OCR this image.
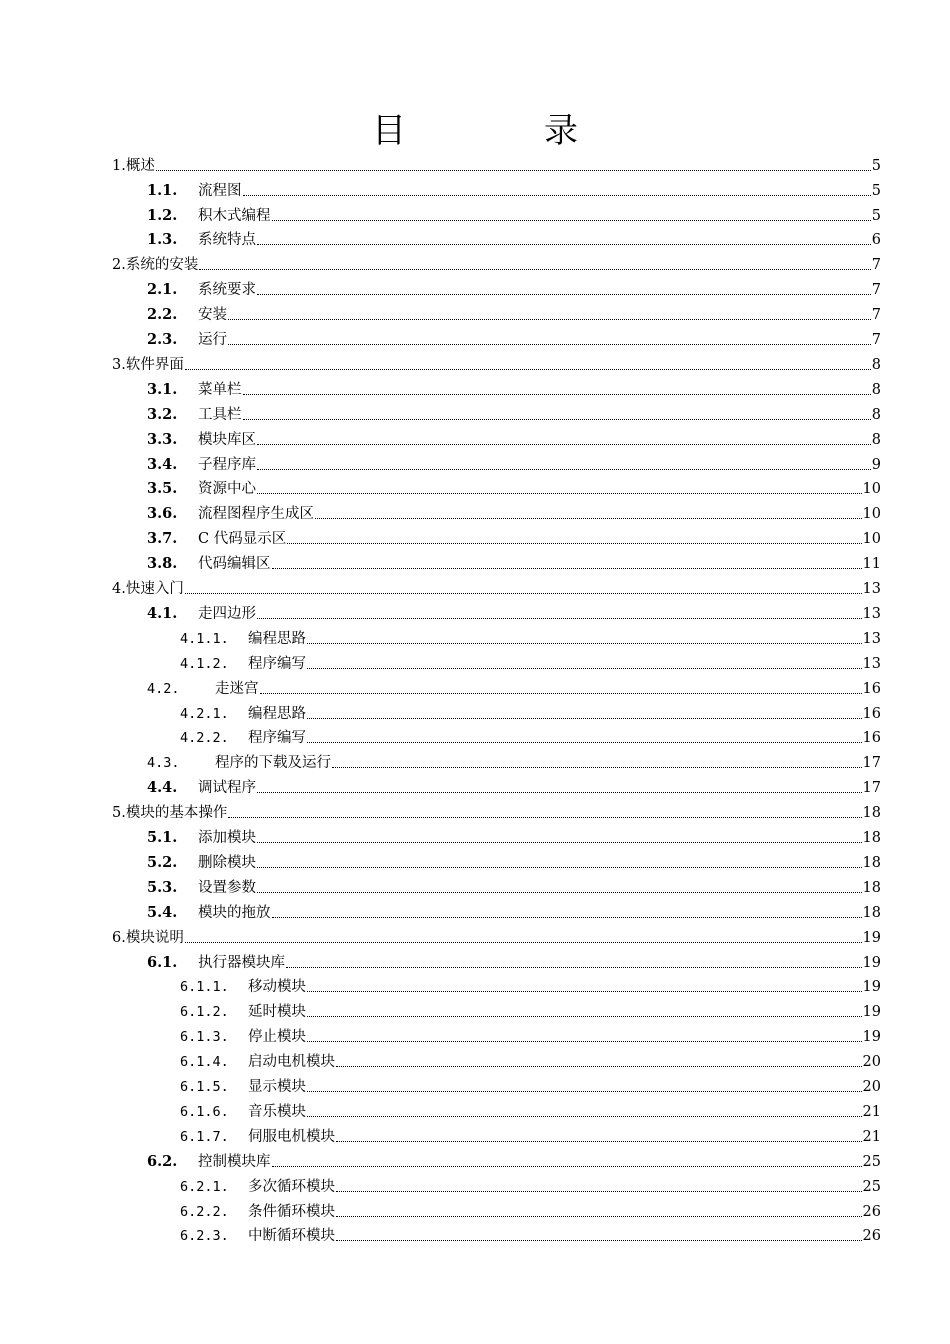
目　录
1. 概述	5
1.1.	流程图	5
1.2.	积木式编程	5
1.3.	系统特点	6
2. 系统的安装	7
2.1.	系统要求	7
2.2.	安装	7
2.3.	运行	7
3. 软件界面	8
3.1.	菜单栏	8
3.2.	工具栏	8
3.3.	模块库区	8
3.4.	子程序库	9
3.5.	资源中心	10
3.6.	流程图程序生成区	10
3.7.	C 代码显示区	10
3.8.	代码编辑区	11
4. 快速入门	13
4.1.	走四边形	13
4.1.1.	编程思路	13
4.1.2.	程序编写	13
4.2.	走迷宫	16
4.2.1.	编程思路	16
4.2.2.	程序编写	16
4.3.	程序的下载及运行	17
4.4.	调试程序	17
5. 模块的基本操作	18
5.1.	添加模块	18
5.2.	删除模块	18
5.3.	设置参数	18
5.4.	模块的拖放	18
6. 模块说明	19
6.1.	执行器模块库	19
6.1.1.	移动模块	19
6.1.2.	延时模块	19
6.1.3.	停止模块	19
6.1.4.	启动电机模块	20
6.1.5.	显示模块	20
6.1.6.	音乐模块	21
6.1.7.	伺服电机模块	21
6.2.	控制模块库	25
6.2.1.	多次循环模块	25
6.2.2.	条件循环模块	26
6.2.3.	中断循环模块	26
